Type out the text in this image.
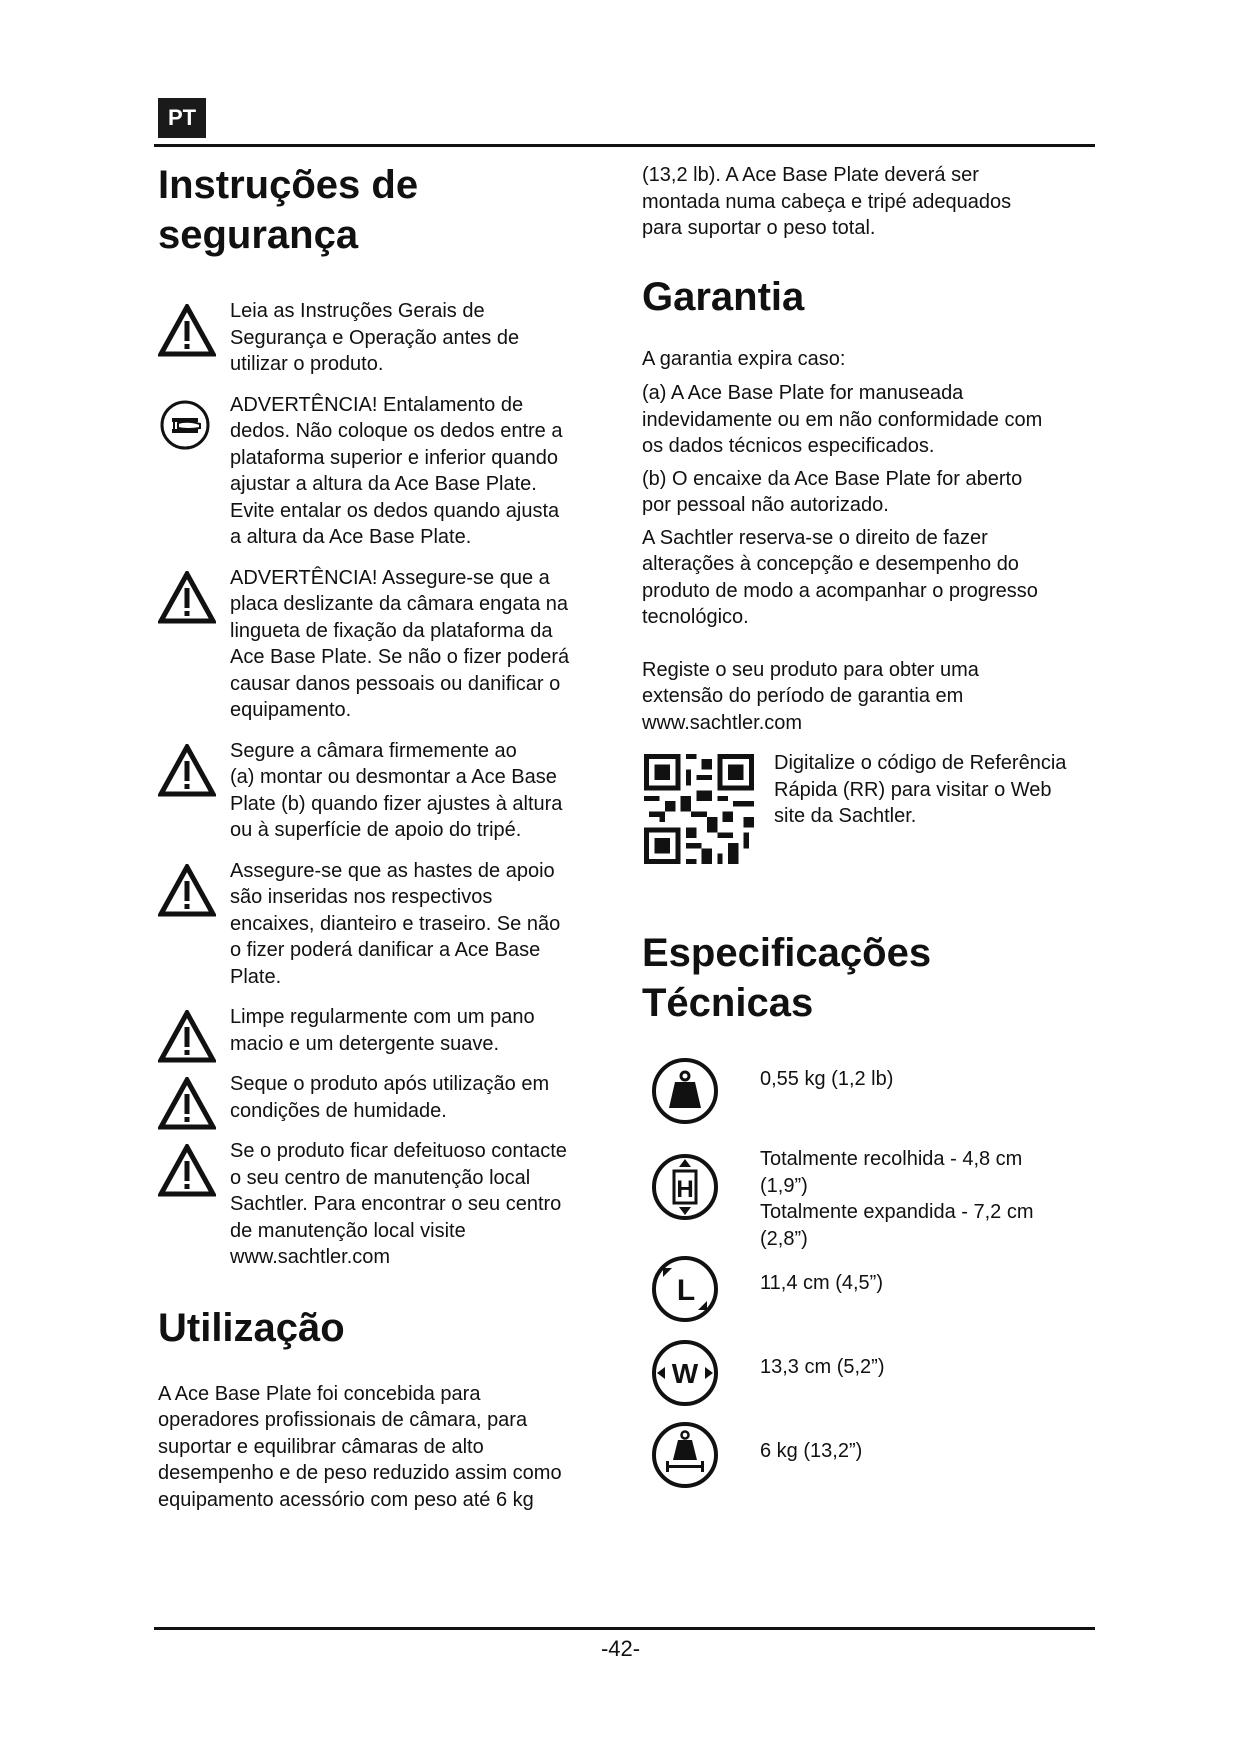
PT
Instruções de
segurança
Leia as Instruções Gerais de
Segurança e Operação antes de
utilizar o produto.
ADVERTÊNCIA! Entalamento de
dedos. Não coloque os dedos entre a
plataforma superior e inferior quando
ajustar a altura da Ace Base Plate.
Evite entalar os dedos quando ajusta
a altura da Ace Base Plate.
ADVERTÊNCIA! Assegure-se que a
placa deslizante da câmara engata na
lingueta de fixação da plataforma da
Ace Base Plate. Se não o fizer poderá
causar danos pessoais ou danificar o
equipamento.
Segure a câmara firmemente ao
(a) montar ou desmontar a Ace Base
Plate (b) quando fizer ajustes à altura
ou à superfície de apoio do tripé.
Assegure-se que as hastes de apoio
são inseridas nos respectivos
encaixes, dianteiro e traseiro. Se não
o fizer poderá danificar a Ace Base
Plate.
Limpe regularmente com um pano
macio e um detergente suave.
Seque o produto após utilização em
condições de humidade.
Se o produto ficar defeituoso contacte
o seu centro de manutenção local
Sachtler. Para encontrar o seu centro
de manutenção local visite
www.sachtler.com
Utilização
A Ace Base Plate foi concebida para
operadores profissionais de câmara, para
suportar e equilibrar câmaras de alto
desempenho e de peso reduzido assim como
equipamento acessório com peso até 6 kg
(13,2 lb). A Ace Base Plate deverá ser
montada numa cabeça e tripé adequados
para suportar o peso total.
Garantia
A garantia expira caso:
(a) A Ace Base Plate for manuseada
indevidamente ou em não conformidade com
os dados técnicos especificados.
(b) O encaixe da Ace Base Plate for aberto
por pessoal não autorizado.
A Sachtler reserva-se o direito de fazer
alterações à concepção e desempenho do
produto de modo a acompanhar o progresso
tecnológico.
Registe o seu produto para obter uma
extensão do período de garantia em
www.sachtler.com
Digitalize o código de Referência
Rápida (RR) para visitar o Web
site da Sachtler.
Especificações
Técnicas
0,55 kg (1,2 lb)
H
Totalmente recolhida - 4,8 cm
(1,9”)
Totalmente expandida - 7,2 cm
(2,8”)
L	11,4 cm (4,5”)
W	13,3 cm (5,2”)
6 kg (13,2”)
-42-
